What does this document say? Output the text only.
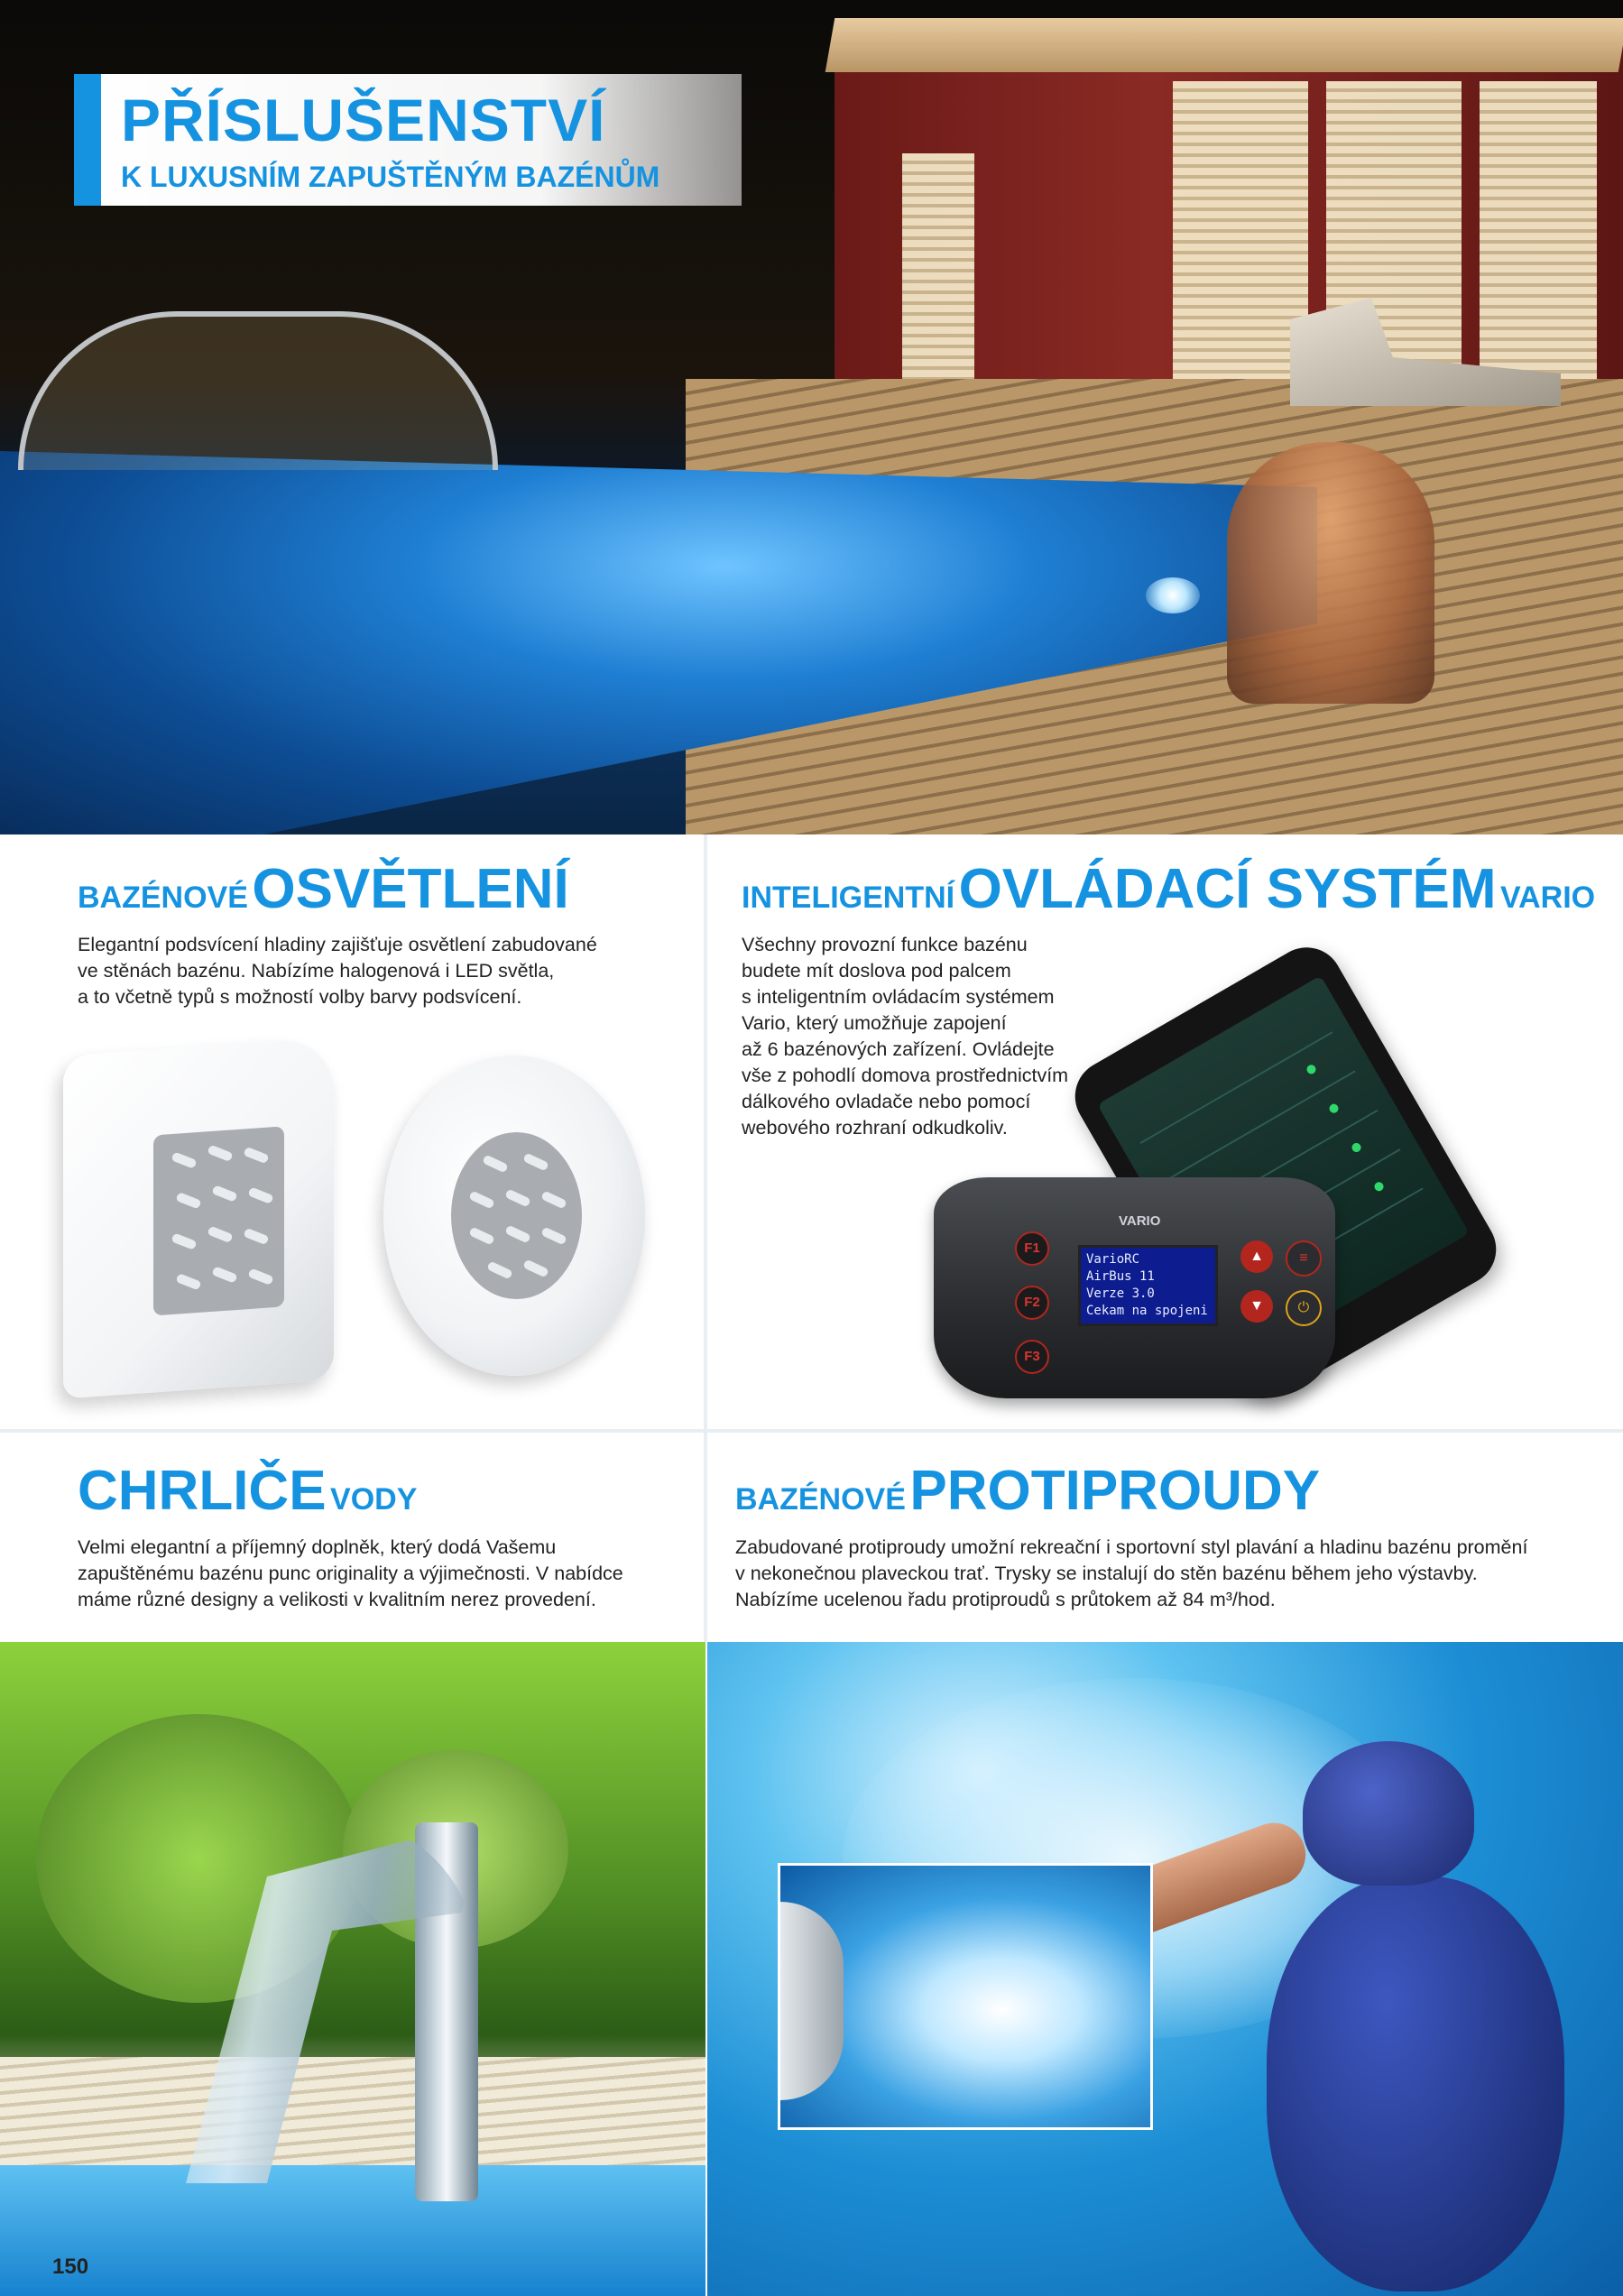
PŘÍSLUŠENSTVÍ
K LUXUSNÍM ZAPUŠTĚNÝM BAZÉNŮM
BAZÉNOVÉ OSVĚTLENÍ
Elegantní podsvícení hladiny zajišťuje osvětlení zabudované
ve stěnách bazénu. Nabízíme halogenová i LED světla,
a to včetně typů s možností volby barvy podsvícení.
INTELIGENTNÍ OVLÁDACÍ SYSTÉM VARIO
Všechny provozní funkce bazénu
budete mít doslova pod palcem
s inteligentním ovládacím systémem
Vario, který umožňuje zapojení
až 6 bazénových zařízení. Ovládejte
vše z pohodlí domova prostřednictvím
dálkového ovladače nebo pomocí
webového rozhraní odkudkoliv.
VARIO
VarioRC
AirBus 11
Verze 3.0
Cekam na spojeni
F1
F2
F3
▲
▼
≡
⏻
CHRLIČE VODY
Velmi elegantní a příjemný doplněk, který dodá Vašemu
zapuštěnému bazénu punc originality a výjimečnosti. V nabídce
máme různé designy a velikosti v kvalitním nerez provedení.
BAZÉNOVÉ PROTIPROUDY
Zabudované protiproudy umožní rekreační i sportovní styl plavání a hladinu bazénu promění
v nekonečnou plaveckou trať. Trysky se instalují do stěn bazénu během jeho výstavby.
Nabízíme ucelenou řadu protiproudů s průtokem až 84 m³/hod.
150
